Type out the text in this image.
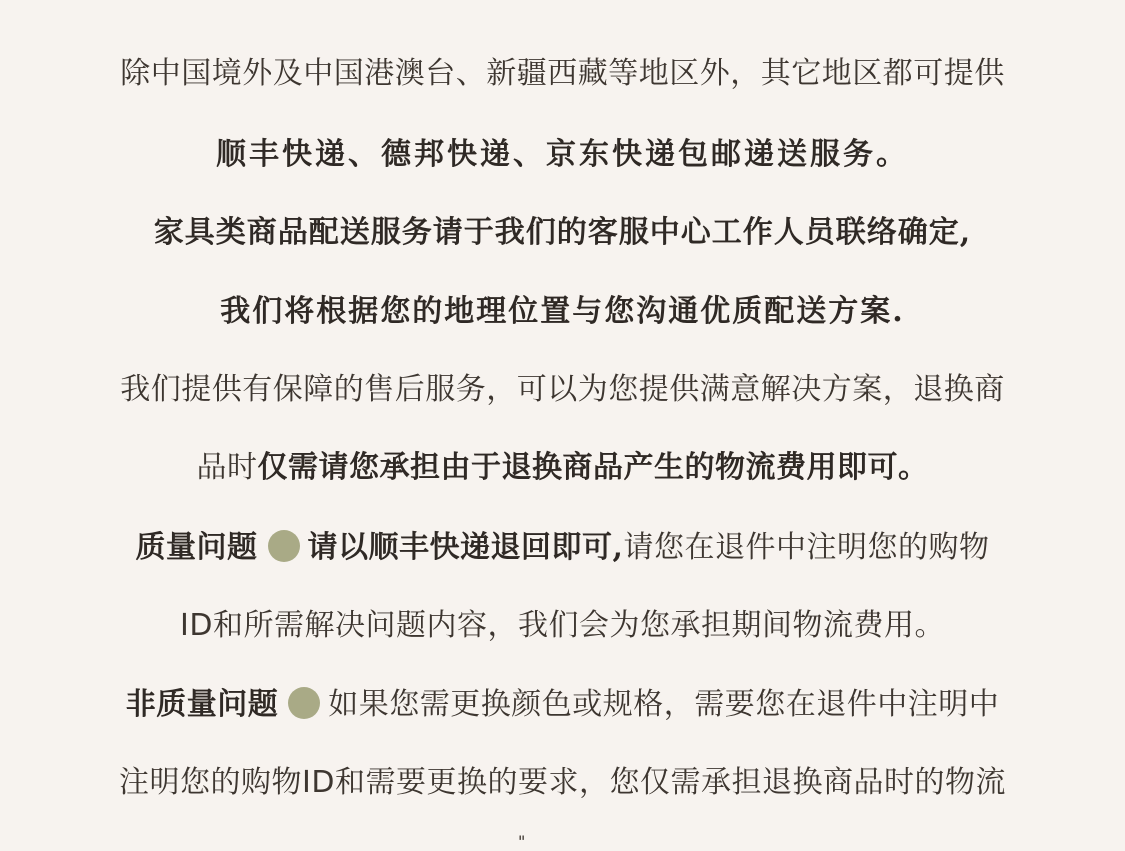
除中国境外及中国港澳台、新疆西藏等地区外，其它地区都可提供
顺丰快递、德邦快递、京东快递包邮递送服务。
家具类商品配送服务请于我们的客服中心工作人员联络确定,
我们将根据您的地理位置与您沟通优质配送方案.
我们提供有保障的售后服务，可以为您提供满意解决方案，退换商
品时仅需请您承担由于退换商品产生的物流费用即可。
质量问题 请以顺丰快递退回即可,请您在退件中注明您的购物
ID和所需解决问题内容，我们会为您承担期间物流费用。
非质量问题 如果您需更换颜色或规格，需要您在退件中注明中
注明您的购物ID和需要更换的要求，您仅需承担退换商品时的物流
"
